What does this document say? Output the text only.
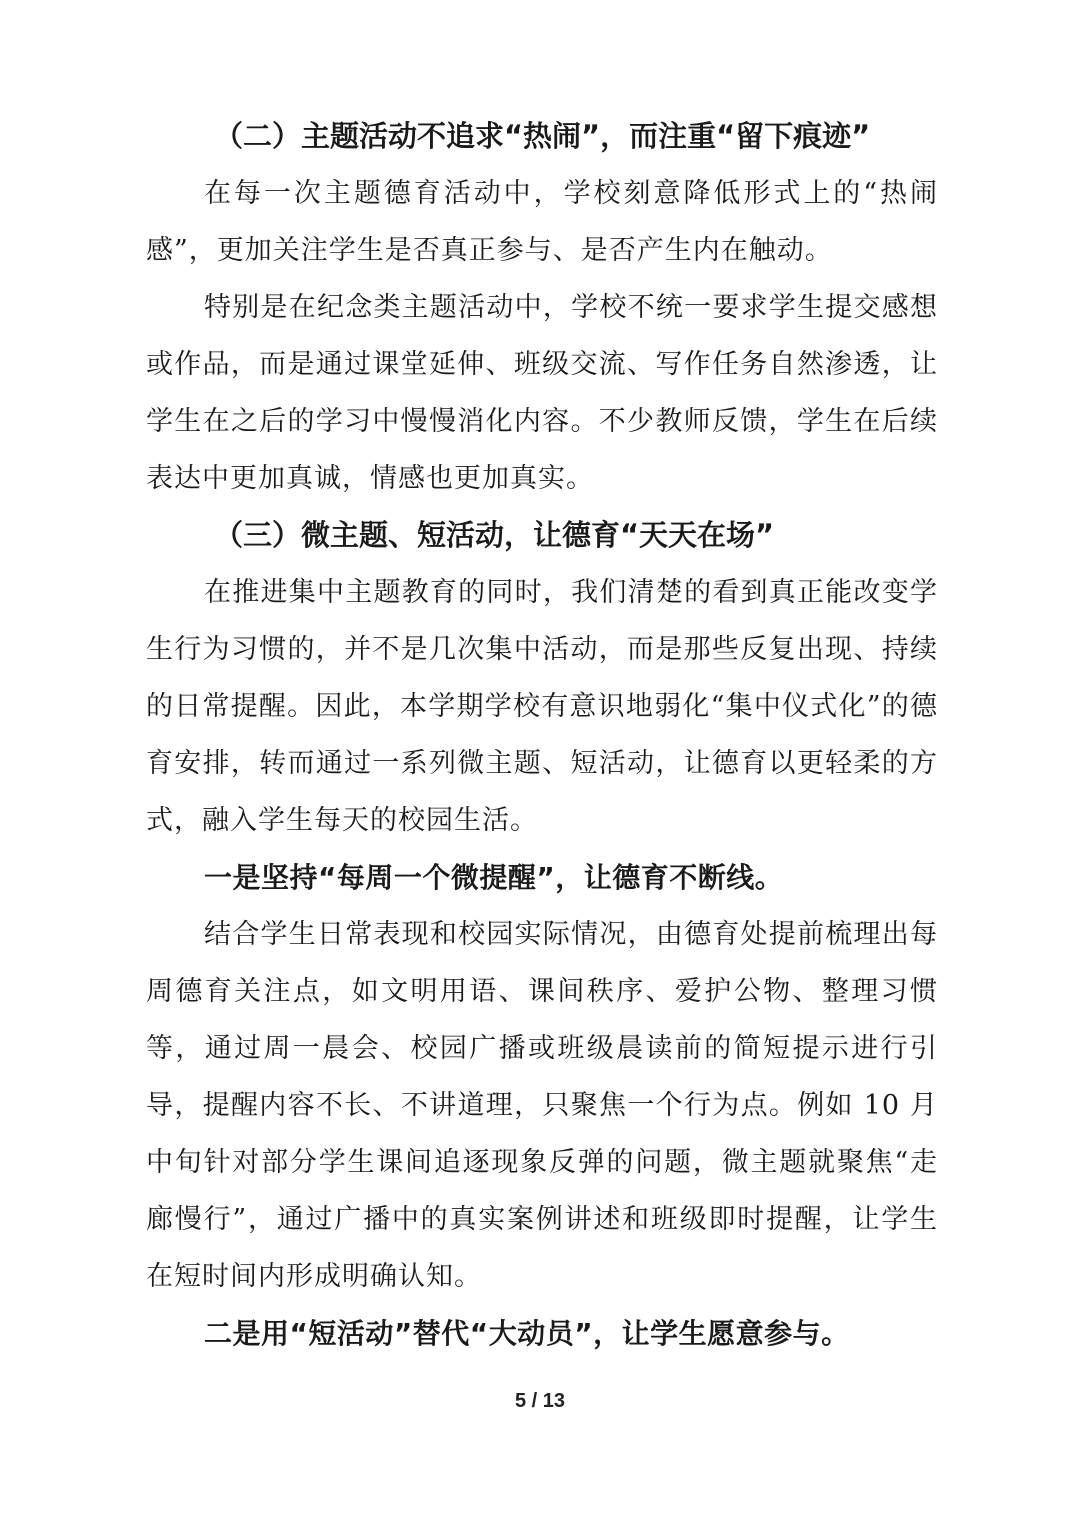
（二）主题活动不追求“热闹”，而注重“留下痕迹”

在每一次主题德育活动中，学校刻意降低形式上的“热闹感”，更加关注学生是否真正参与、是否产生内在触动。

特别是在纪念类主题活动中，学校不统一要求学生提交感想或作品，而是通过课堂延伸、班级交流、写作任务自然渗透，让学生在之后的学习中慢慢消化内容。不少教师反馈，学生在后续表达中更加真诚，情感也更加真实。

（三）微主题、短活动，让德育“天天在场”

在推进集中主题教育的同时，我们清楚的看到真正能改变学生行为习惯的，并不是几次集中活动，而是那些反复出现、持续的日常提醒。因此，本学期学校有意识地弱化“集中仪式化”的德育安排，转而通过一系列微主题、短活动，让德育以更轻柔的方式，融入学生每天的校园生活。

一是坚持“每周一个微提醒”，让德育不断线。

结合学生日常表现和校园实际情况，由德育处提前梳理出每周德育关注点，如文明用语、课间秩序、爱护公物、整理习惯等，通过周一晨会、校园广播或班级晨读前的简短提示进行引导，提醒内容不长、不讲道理，只聚焦一个行为点。例如 10 月中旬针对部分学生课间追逐现象反弹的问题，微主题就聚焦“走廊慢行”，通过广播中的真实案例讲述和班级即时提醒，让学生在短时间内形成明确认知。

二是用“短活动”替代“大动员”，让学生愿意参与。

5 / 13
